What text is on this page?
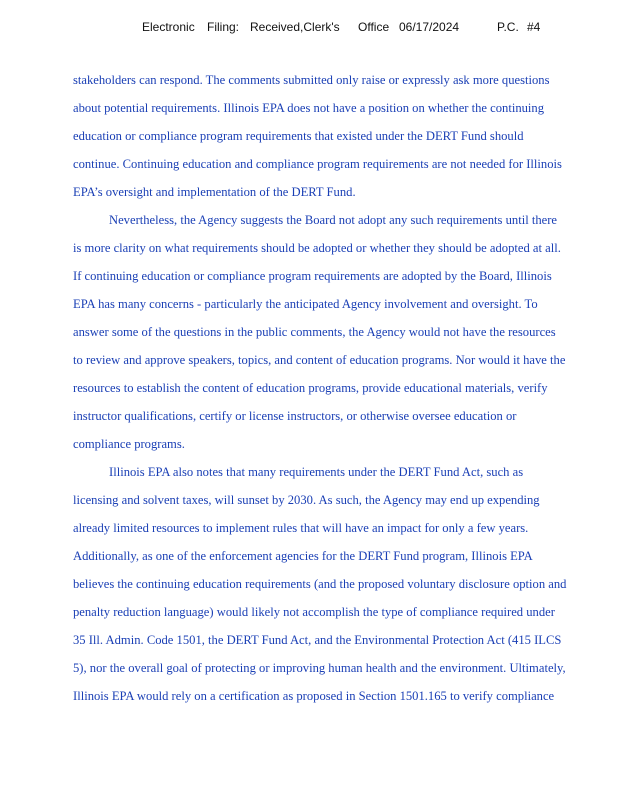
Electronic Filing: Received,Clerk's Office 06/17/2024	P.C. #4
stakeholders can respond. The comments submitted only raise or expressly ask more questions
about potential requirements. Illinois EPA does not have a position on whether the continuing
education or compliance program requirements that existed under the DERT Fund should
continue. Continuing education and compliance program requirements are not needed for Illinois
EPA’s oversight and implementation of the DERT Fund.
Nevertheless, the Agency suggests the Board not adopt any such requirements until there
is more clarity on what requirements should be adopted or whether they should be adopted at all.
If continuing education or compliance program requirements are adopted by the Board, Illinois
EPA has many concerns - particularly the anticipated Agency involvement and oversight. To
answer some of the questions in the public comments, the Agency would not have the resources
to review and approve speakers, topics, and content of education programs. Nor would it have the
resources to establish the content of education programs, provide educational materials, verify
instructor qualifications, certify or license instructors, or otherwise oversee education or
compliance programs.
Illinois EPA also notes that many requirements under the DERT Fund Act, such as
licensing and solvent taxes, will sunset by 2030. As such, the Agency may end up expending
already limited resources to implement rules that will have an impact for only a few years.
Additionally, as one of the enforcement agencies for the DERT Fund program, Illinois EPA
believes the continuing education requirements (and the proposed voluntary disclosure option and
penalty reduction language) would likely not accomplish the type of compliance required under
35 Ill. Admin. Code 1501, the DERT Fund Act, and the Environmental Protection Act (415 ILCS
5), nor the overall goal of protecting or improving human health and the environment. Ultimately,
Illinois EPA would rely on a certification as proposed in Section 1501.165 to verify compliance
